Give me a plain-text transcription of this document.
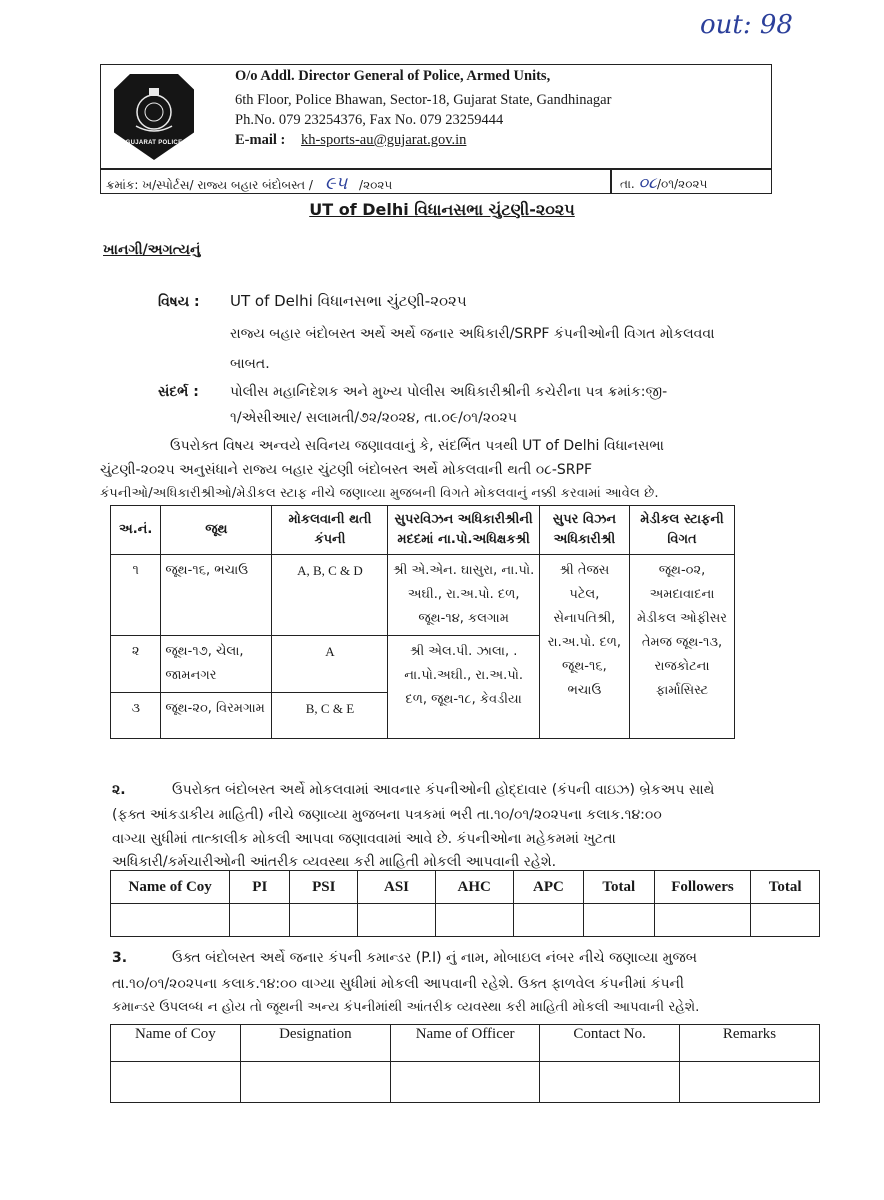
out: 98
GUJARAT POLICE
O/o Addl. Director General of Police, Armed Units,
6th Floor, Police Bhawan, Sector-18, Gujarat State, Gandhinagar
Ph.No. 079 23254376, Fax No. 079 23259444
E-mail : kh-sports-au@gujarat.gov.in
ક્રમાંક: ખ/સ્પોર્ટસ/ રાજ્ય બહાર બંદોબસ્ત / ૯૫ /૨૦૨૫	તા. ૦૮/૦૧/૨૦૨૫
UT of Delhi વિધાનસભા ચુંટણી-૨૦૨૫
ખાનગી/અગત્યનું
વિષય : UT of Delhi વિધાનસભા ચુંટણી-૨૦૨૫
રાજ્ય બહાર બંદોબસ્ત અર્થે અર્થે જનાર અધિકારી/SRPF કંપનીઓની વિગત મોકલવવા
બાબત.
સંદર્ભ : પોલીસ મહાનિદેશક અને મુખ્ય પોલીસ અધિકારીશ્રીની કચેરીના પત્ર ક્રમાંક:જી-
૧/એસીઆર/ સલામતી/૭૨/૨૦૨૪, તા.૦૯/૦૧/૨૦૨૫
ઉપરોક્ત વિષય અન્વયે સવિનય જણાવવાનું કે, સંદર્ભિત પત્રથી UT of Delhi વિધાનસભા
ચુંટણી-૨૦૨૫ અનુસંધાને રાજ્ય બહાર ચુંટણી બંદોબસ્ત અર્થે મોકલવાની થતી ૦૮-SRPF
કંપનીઓ/અધિકારીશ્રીઓ/મેડીકલ સ્ટાફ નીચે જણાવ્યા મુજબની વિગતે મોકલવાનું નક્કી કરવામાં આવેલ છે.
અ.નં.	જૂથ	મોકલવાની થતી કંપની	સુપરવિઝન અધિકારીશ્રીની મદદમાં ના.પો.અધિક્ષકશ્રી	સુપર વિઝન અધિકારીશ્રી	મેડીકલ સ્ટાફની વિગત
૧	જૂથ-૧૬, ભચાઉ	A, B, C & D	શ્રી એ.એન. ઘાસુરા, ના.પો. અઘી., રા.અ.પો. દળ, જૂથ-૧૪, કલગામ	શ્રી તેજસ પટેલ, સેનાપતિશ્રી, રા.અ.પો. દળ, જૂથ-૧૬, ભચાઉ	જૂથ-૦૨, અમદાવાદના મેડીકલ ઓફીસર તેમજ જૂથ-૧૩, રાજકોટના ફાર્માસિસ્ટ
૨	જૂથ-૧૭, ચેલા, જામનગર	A	શ્રી એલ.પી. ઝાલા, . ના.પો.અઘી., રા.અ.પો. દળ, જૂથ-૧૮, કેવડીયા		
૩	જૂથ-૨૦, વિરમગામ	B, C & E			
૨.	ઉપરોક્ત બંદોબસ્ત અર્થે મોકલવામાં આવનાર કંપનીઓની હોદ્દાવાર (કંપની વાઇઝ) બ્રેકઅપ સાથે
(ફક્ત આંકડાકીય માહિતી) નીચે જણાવ્યા મુજબના પત્રકમાં ભરી તા.૧૦/૦૧/૨૦૨૫ના કલાક.૧૪:૦૦
વાગ્યા સુધીમાં તાત્કાલીક મોકલી આપવા જણાવવામાં આવે છે. કંપનીઓના મહેકમમાં ખુટતા
અધિકારી/કર્મચારીઓની આંતરીક વ્યવસ્થા કરી માહિતી મોકલી આપવાની રહેશે.
Name of Coy	PI	PSI	ASI	AHC	APC	Total	Followers	Total

3.	ઉક્ત બંદોબસ્ત અર્થે જનાર કંપની કમાન્ડર (P.I) નું નામ, મોબાઇલ નંબર નીચે જણાવ્યા મુજબ
તા.૧૦/૦૧/૨૦૨૫ના કલાક.૧૪:૦૦ વાગ્યા સુધીમાં મોકલી આપવાની રહેશે. ઉક્ત ફાળવેલ કંપનીમાં કંપની
કમાન્ડર ઉપલબ્ધ ન હોય તો જૂથની અન્ય કંપનીમાંથી આંતરીક વ્યવસ્થા કરી માહિતી મોકલી આપવાની રહેશે.
Name of Coy	Designation	Name of Officer	Contact No.	Remarks
